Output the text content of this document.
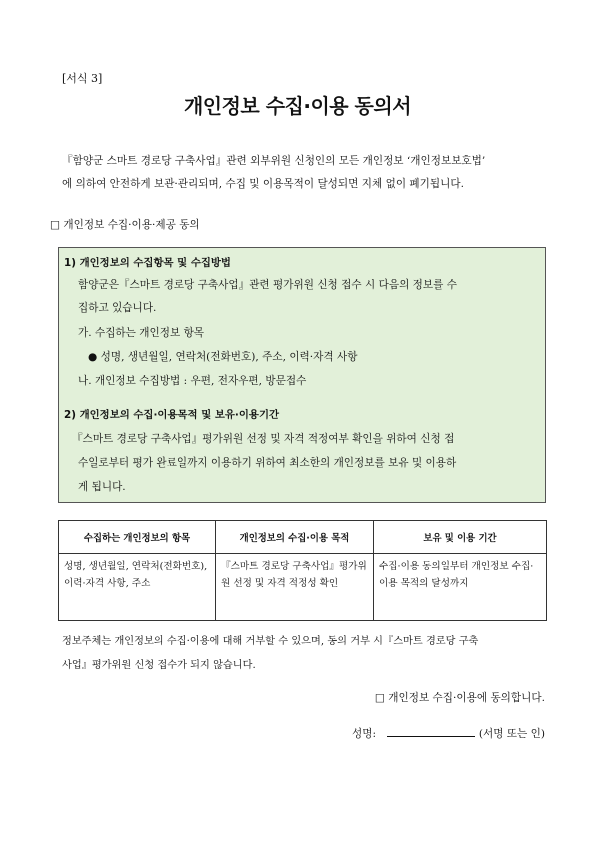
[서식 3]
개인정보 수집·이용 동의서
『함양군 스마트 경로당 구축사업』관련 외부위원 신청인의 모든 개인정보 ‘개인정보보호법’
에 의하여 안전하게 보관·관리되며, 수집 및 이용목적이 달성되면 지체 없이 폐기됩니다.
□ 개인정보 수집·이용·제공 동의
1) 개인정보의 수집항목 및 수집방법
함양군은『스마트 경로당 구축사업』관련 평가위원 신청 접수 시 다음의 정보를 수
집하고 있습니다.
가. 수집하는 개인정보 항목
● 성명, 생년월일, 연락처(전화번호), 주소, 이력·자격 사항
나. 개인정보 수집방법 : 우편, 전자우편, 방문접수
2) 개인정보의 수집·이용목적 및 보유·이용기간
『스마트 경로당 구축사업』평가위원 선정 및 자격 적정여부 확인을 위하여 신청 접
수일로부터 평가 완료일까지 이용하기 위하여 최소한의 개인정보를 보유 및 이용하
게 됩니다.
수집하는 개인정보의 항목	개인정보의 수집·이용 목적	보유 및 이용 기간
성명, 생년월일, 연락처(전화번호), 이력·자격 사항, 주소	『스마트 경로당 구축사업』평가위원 선정 및 자격 적정성 확인	수집·이용 동의일부터 개인정보 수집·이용 목적의 달성까지
정보주체는 개인정보의 수집·이용에 대해 거부할 수 있으며, 동의 거부 시『스마트 경로당 구축
사업』평가위원 신청 접수가 되지 않습니다.
□ 개인정보 수집·이용에 동의합니다.
성명:	(서명 또는 인)
